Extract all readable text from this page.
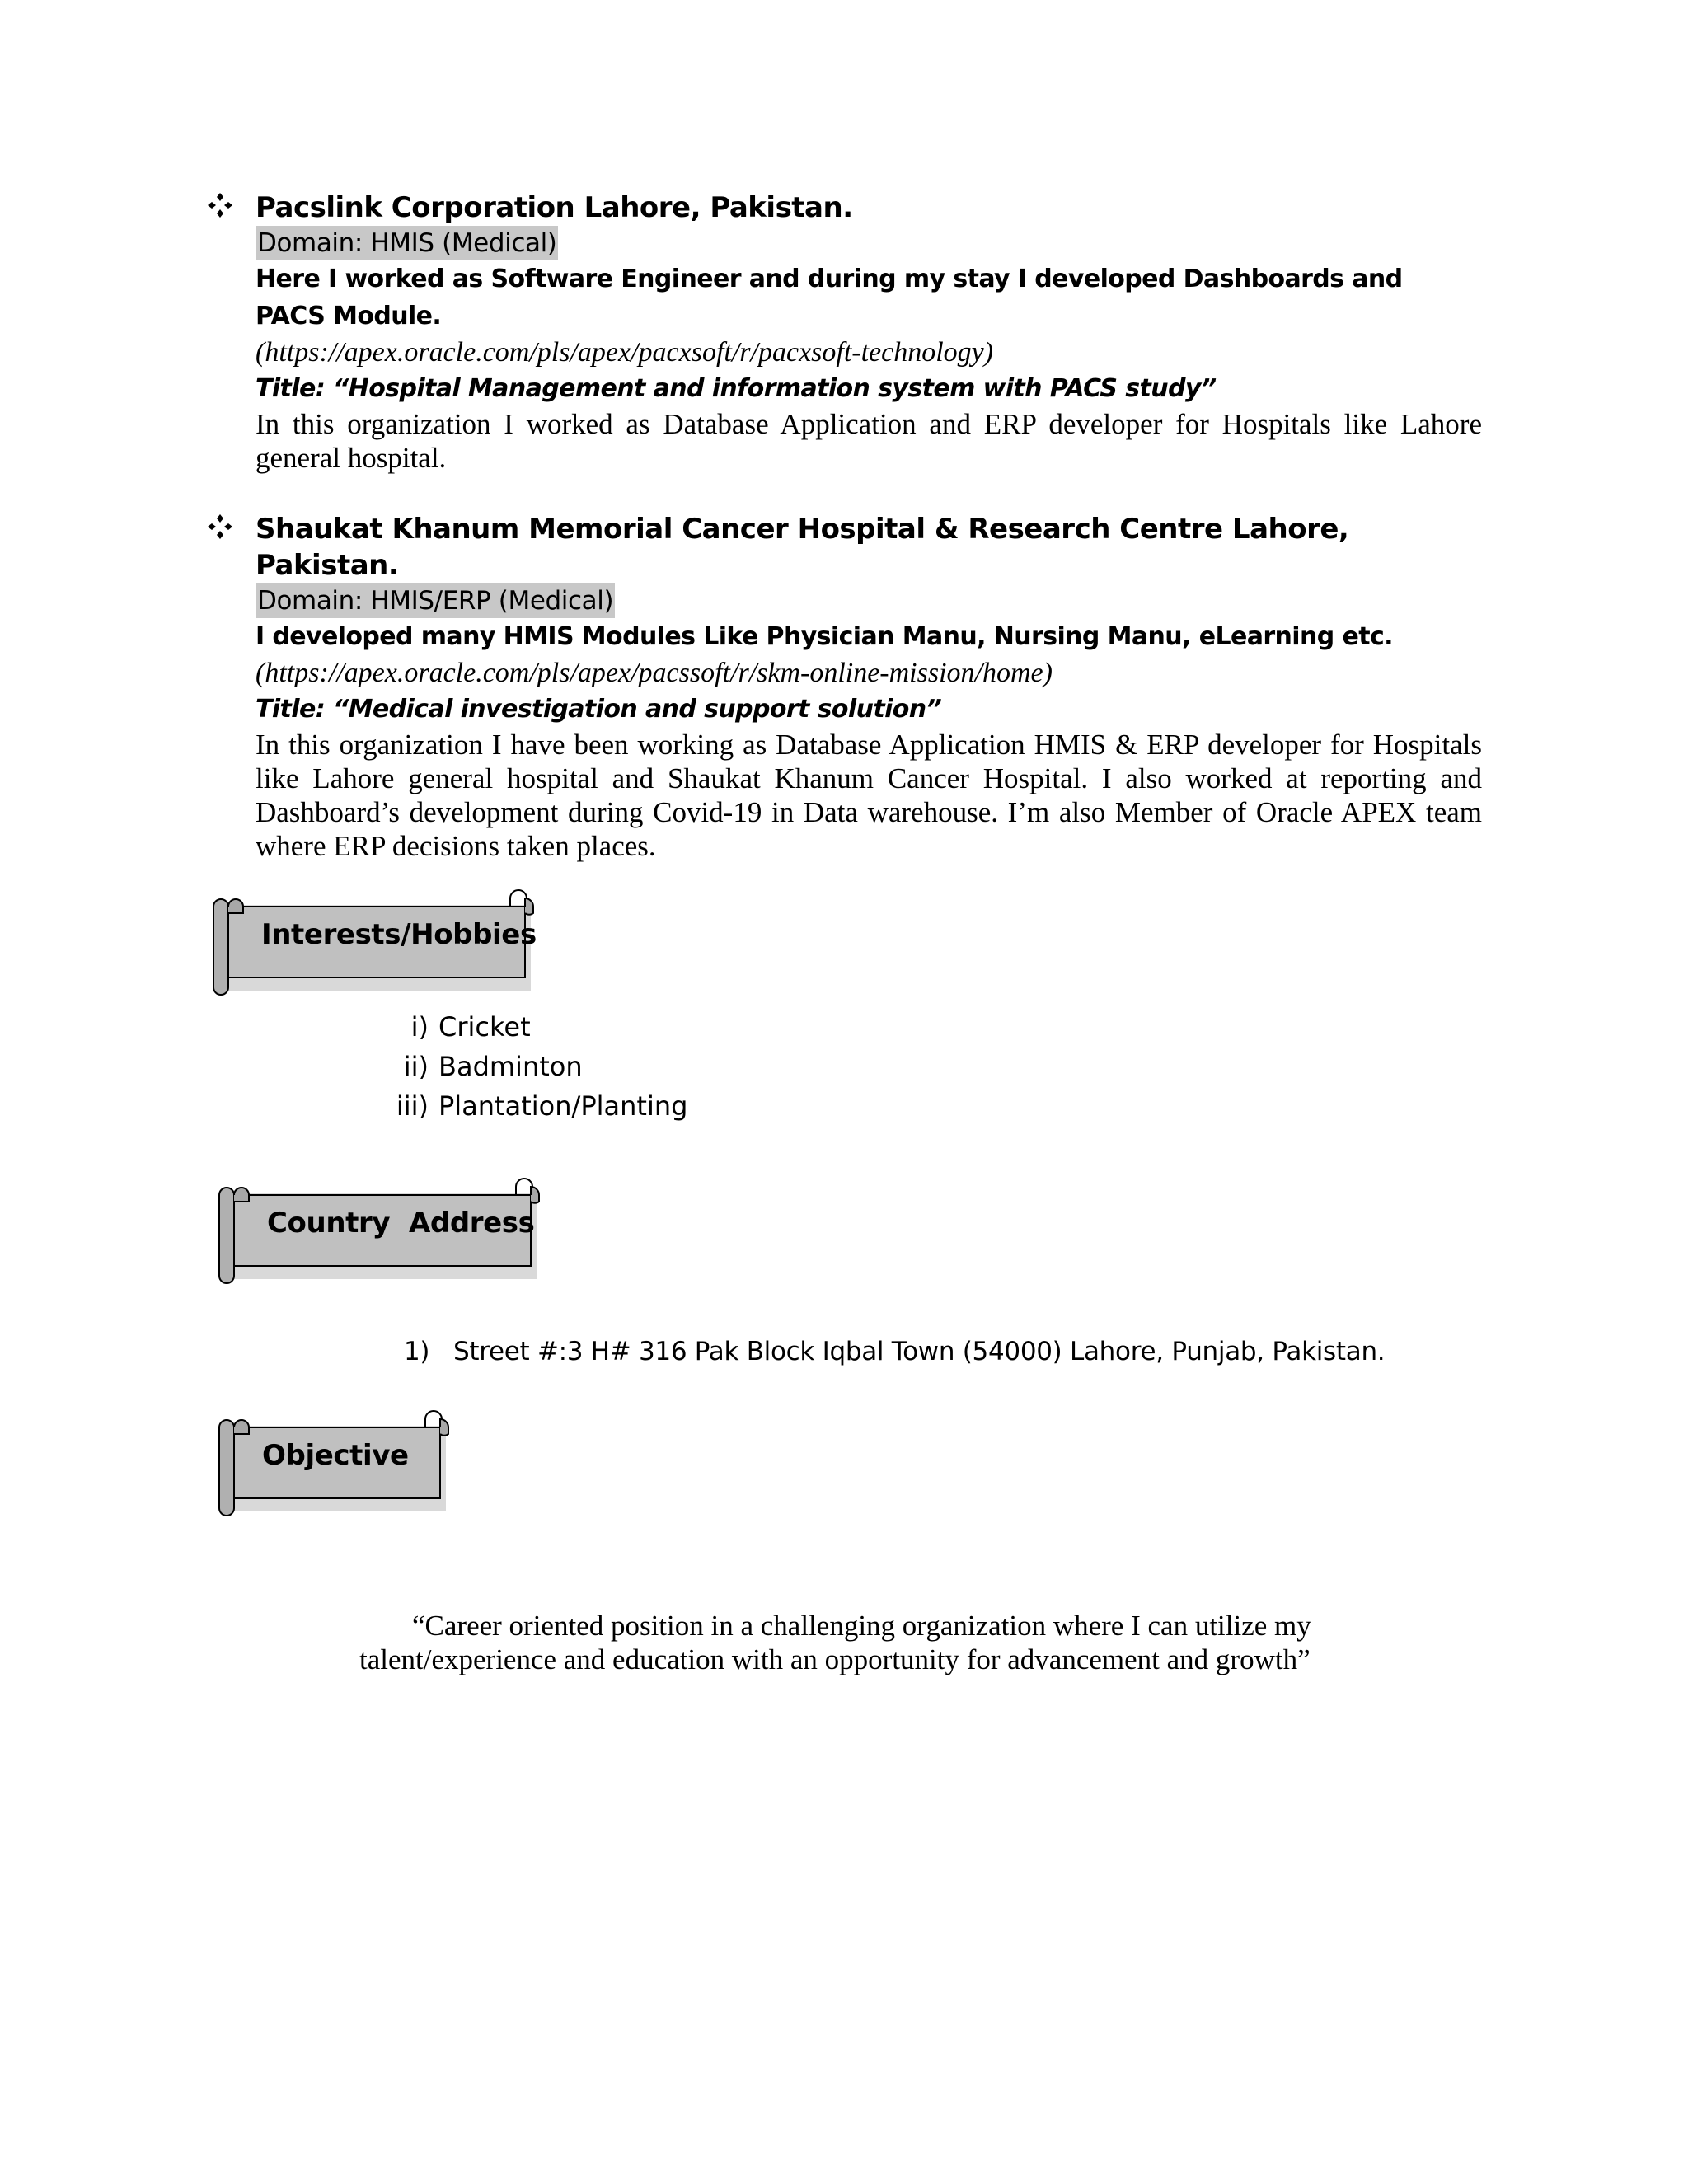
Pacslink Corporation Lahore, Pakistan.
Domain: HMIS (Medical)
Here I worked as Software Engineer and during my stay I developed Dashboards and PACS Module.
(https://apex.oracle.com/pls/apex/pacxsoft/r/pacxsoft-technology)
Title: “Hospital Management and information system with PACS study”
In this organization I worked as Database Application and ERP developer for Hospitals like Lahore general hospital.
Shaukat Khanum Memorial Cancer Hospital & Research Centre Lahore, Pakistan.
Domain: HMIS/ERP (Medical)
I developed many HMIS Modules Like Physician Manu, Nursing Manu, eLearning etc.
(https://apex.oracle.com/pls/apex/pacssoft/r/skm-online-mission/home)
Title: “Medical investigation and support solution”
In this organization I have been working as Database Application HMIS & ERP developer for Hospitals like Lahore general hospital and Shaukat Khanum Cancer Hospital. I also worked at reporting and Dashboard’s development during Covid-19 in Data warehouse. I’m also Member of Oracle APEX team where ERP decisions taken places.
Interests/Hobbies
i) Cricket
ii) Badminton
iii) Plantation/Planting
Country  Address
1) Street #:3 H# 316 Pak Block Iqbal Town (54000) Lahore, Punjab, Pakistan.
Objective
“Career oriented position in a challenging organization where I can utilize my
talent/experience and education with an opportunity for advancement and growth”
